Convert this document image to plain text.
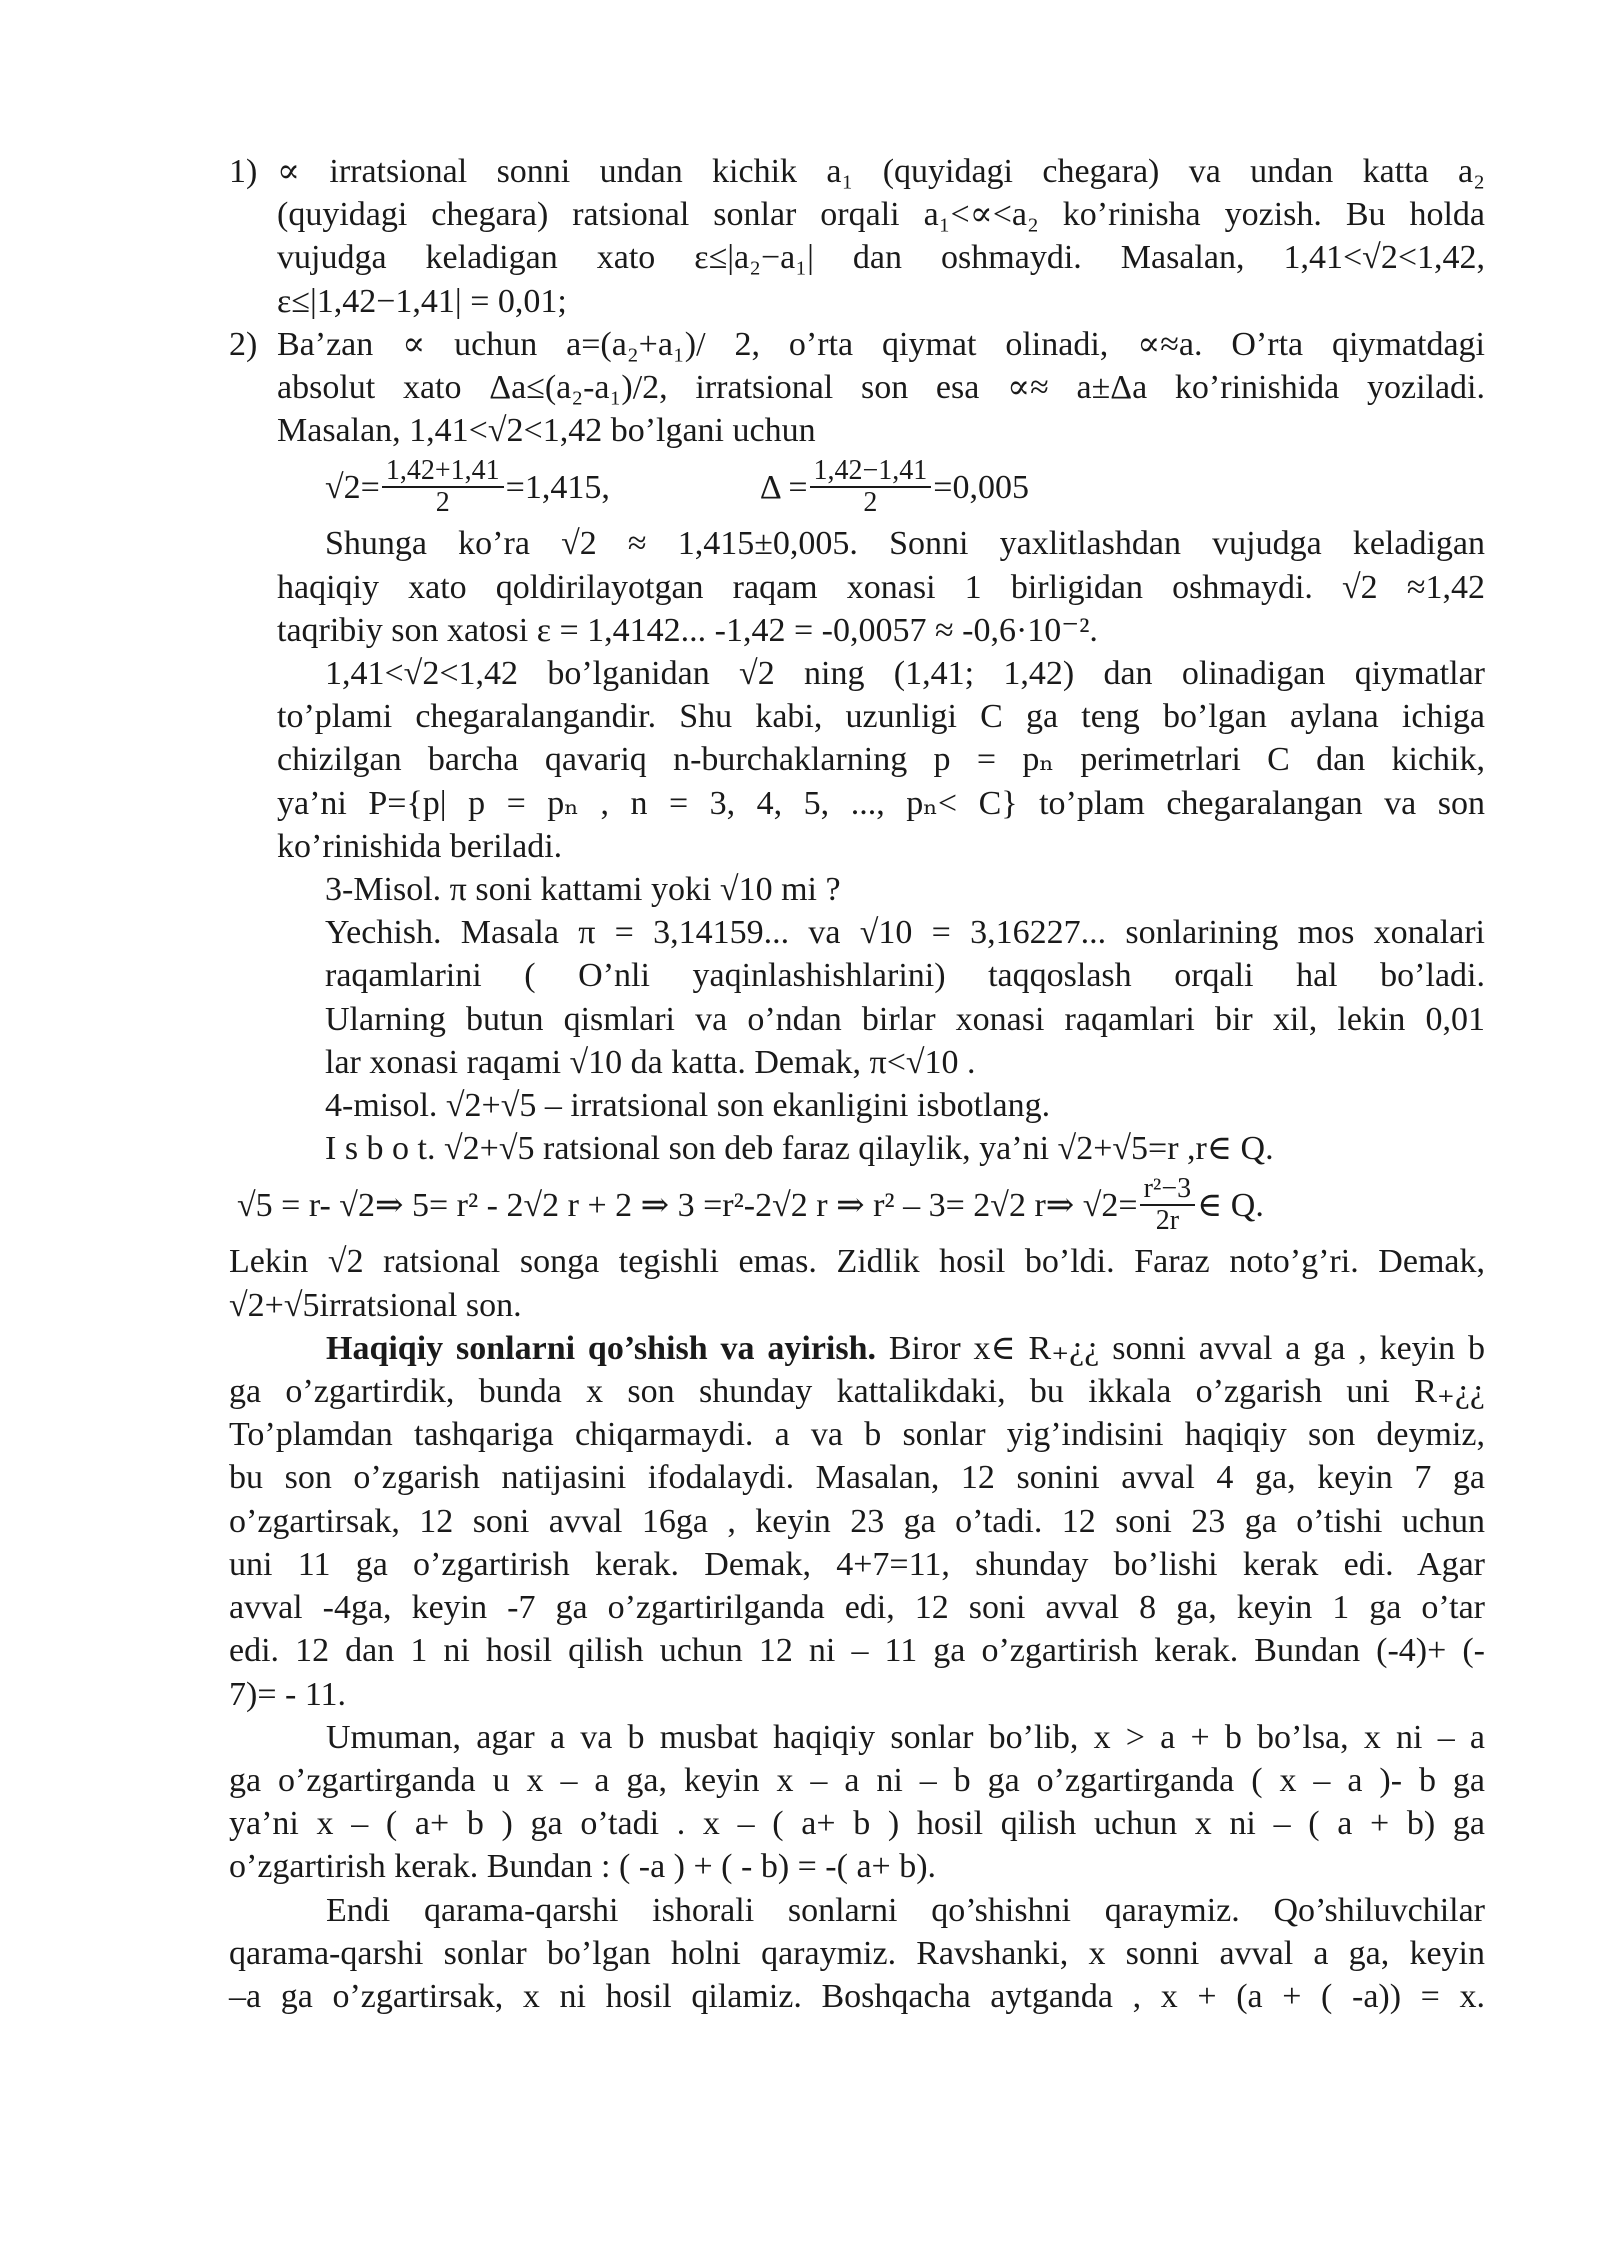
1) ∝ irratsional sonni undan kichik a₁ (quyidagi chegara) va undan katta a₂

(quyidagi chegara) ratsional sonlar orqali a₁<∝<a₂ ko’rinisha yozish. Bu holda

vujudga keladigan xato ε≤|a₂−a₁| dan oshmaydi. Masalan, 1,41<√2<1,42,

ε≤|1,42−1,41| = 0,01;

2) Ba’zan ∝ uchun a=(a₂+a₁)/ 2, o’rta qiymat olinadi, ∝≈a. O’rta qiymatdagi

absolut xato Δa≤(a₂-a₁)/2, irratsional son esa ∝≈ a±Δa ko’rinishida yoziladi.

Masalan, 1,41<√2<1,42 bo’lgani uchun

$√2= \frac{1,42+1,41}{2} =1,415$,	$\Delta = \frac{1,42-1,41}{2} =0,005$

Shunga ko’ra √2 ≈ 1,415±0,005. Sonni yaxlitlashdan vujudga keladigan

haqiqiy xato qoldirilayotgan raqam xonasi 1 birligidan oshmaydi. √2 ≈1,42

taqribiy son xatosi ε = 1,4142... -1,42 = -0,0057 ≈ -0,6·10⁻².

1,41<√2<1,42 bo’lganidan √2 ning (1,41; 1,42) dan olinadigan qiymatlar

to’plami chegaralangandir. Shu kabi, uzunligi C ga teng bo’lgan aylana ichiga

chizilgan barcha qavariq n-burchaklarning p = pₙ perimetrlari C dan kichik,

ya’ni P={p| p = pₙ , n = 3, 4, 5, ..., pₙ< C} to’plam chegaralangan va son

ko’rinishida beriladi.

3-Misol. π soni kattami yoki √10 mi ?

Yechish. Masala π = 3,14159... va √10 = 3,16227... sonlarining mos xonalari

raqamlarini ( O’nli yaqinlashishlarini) taqqoslash orqali hal bo’ladi.

Ularning butun qismlari va o’ndan birlar xonasi raqamlari bir xil, lekin 0,01

lar xonasi raqami √10 da katta. Demak, π<√10 .

4-misol. √2+√5 – irratsional son ekanligini isbotlang.

I s b o t. √2+√5 ratsional son deb faraz qilaylik, ya’ni √2+√5=r ,r∈ Q.

√5 = r- √2⇒ 5= r² - 2√2 r + 2 ⇒ 3 =r²-2√2 r ⇒ r² – 3= 2√2 r⇒ $√2= \frac{\text{r²−3}}{2r}$ ∈ Q.

Lekin √2 ratsional songa tegishli emas. Zidlik hosil bo’ldi. Faraz noto’g’ri. Demak,

√2+√5irratsional son.

Haqiqiy sonlarni qo’shish va ayirish. Biror x∈ R₊¿¿ sonni avval a ga , keyin b

ga o’zgartirdik, bunda x son shunday kattalikdaki, bu ikkala o’zgarish uni R₊¿¿

To’plamdan tashqariga chiqarmaydi. a va b sonlar yig’indisini haqiqiy son deymiz,

bu son o’zgarish natijasini ifodalaydi. Masalan, 12 sonini avval 4 ga, keyin 7 ga

o’zgartirsak, 12 soni avval 16ga , keyin 23 ga o’tadi. 12 soni 23 ga o’tishi uchun

uni 11 ga o’zgartirish kerak. Demak, 4+7=11, shunday bo’lishi kerak edi. Agar

avval -4ga, keyin -7 ga o’zgartirilganda edi, 12 soni avval 8 ga, keyin 1 ga o’tar

edi. 12 dan 1 ni hosil qilish uchun 12 ni – 11 ga o’zgartirish kerak. Bundan (-4)+ (-

7)= - 11.

Umuman, agar a va b musbat haqiqiy sonlar bo’lib, x > a + b bo’lsa, x ni – a

ga o’zgartirganda u x – a ga, keyin x – a ni – b ga o’zgartirganda ( x – a )- b ga

ya’ni x – ( a+ b ) ga o’tadi . x – ( a+ b ) hosil qilish uchun x ni – ( a + b) ga

o’zgartirish kerak. Bundan : ( -a ) + ( - b) = -( a+ b).

Endi qarama-qarshi ishorali sonlarni qo’shishni qaraymiz. Qo’shiluvchilar

qarama-qarshi sonlar bo’lgan holni qaraymiz. Ravshanki, x sonni avval a ga, keyin

–a ga o’zgartirsak, x ni hosil qilamiz. Boshqacha aytganda , x + (a + ( -a)) = x.
